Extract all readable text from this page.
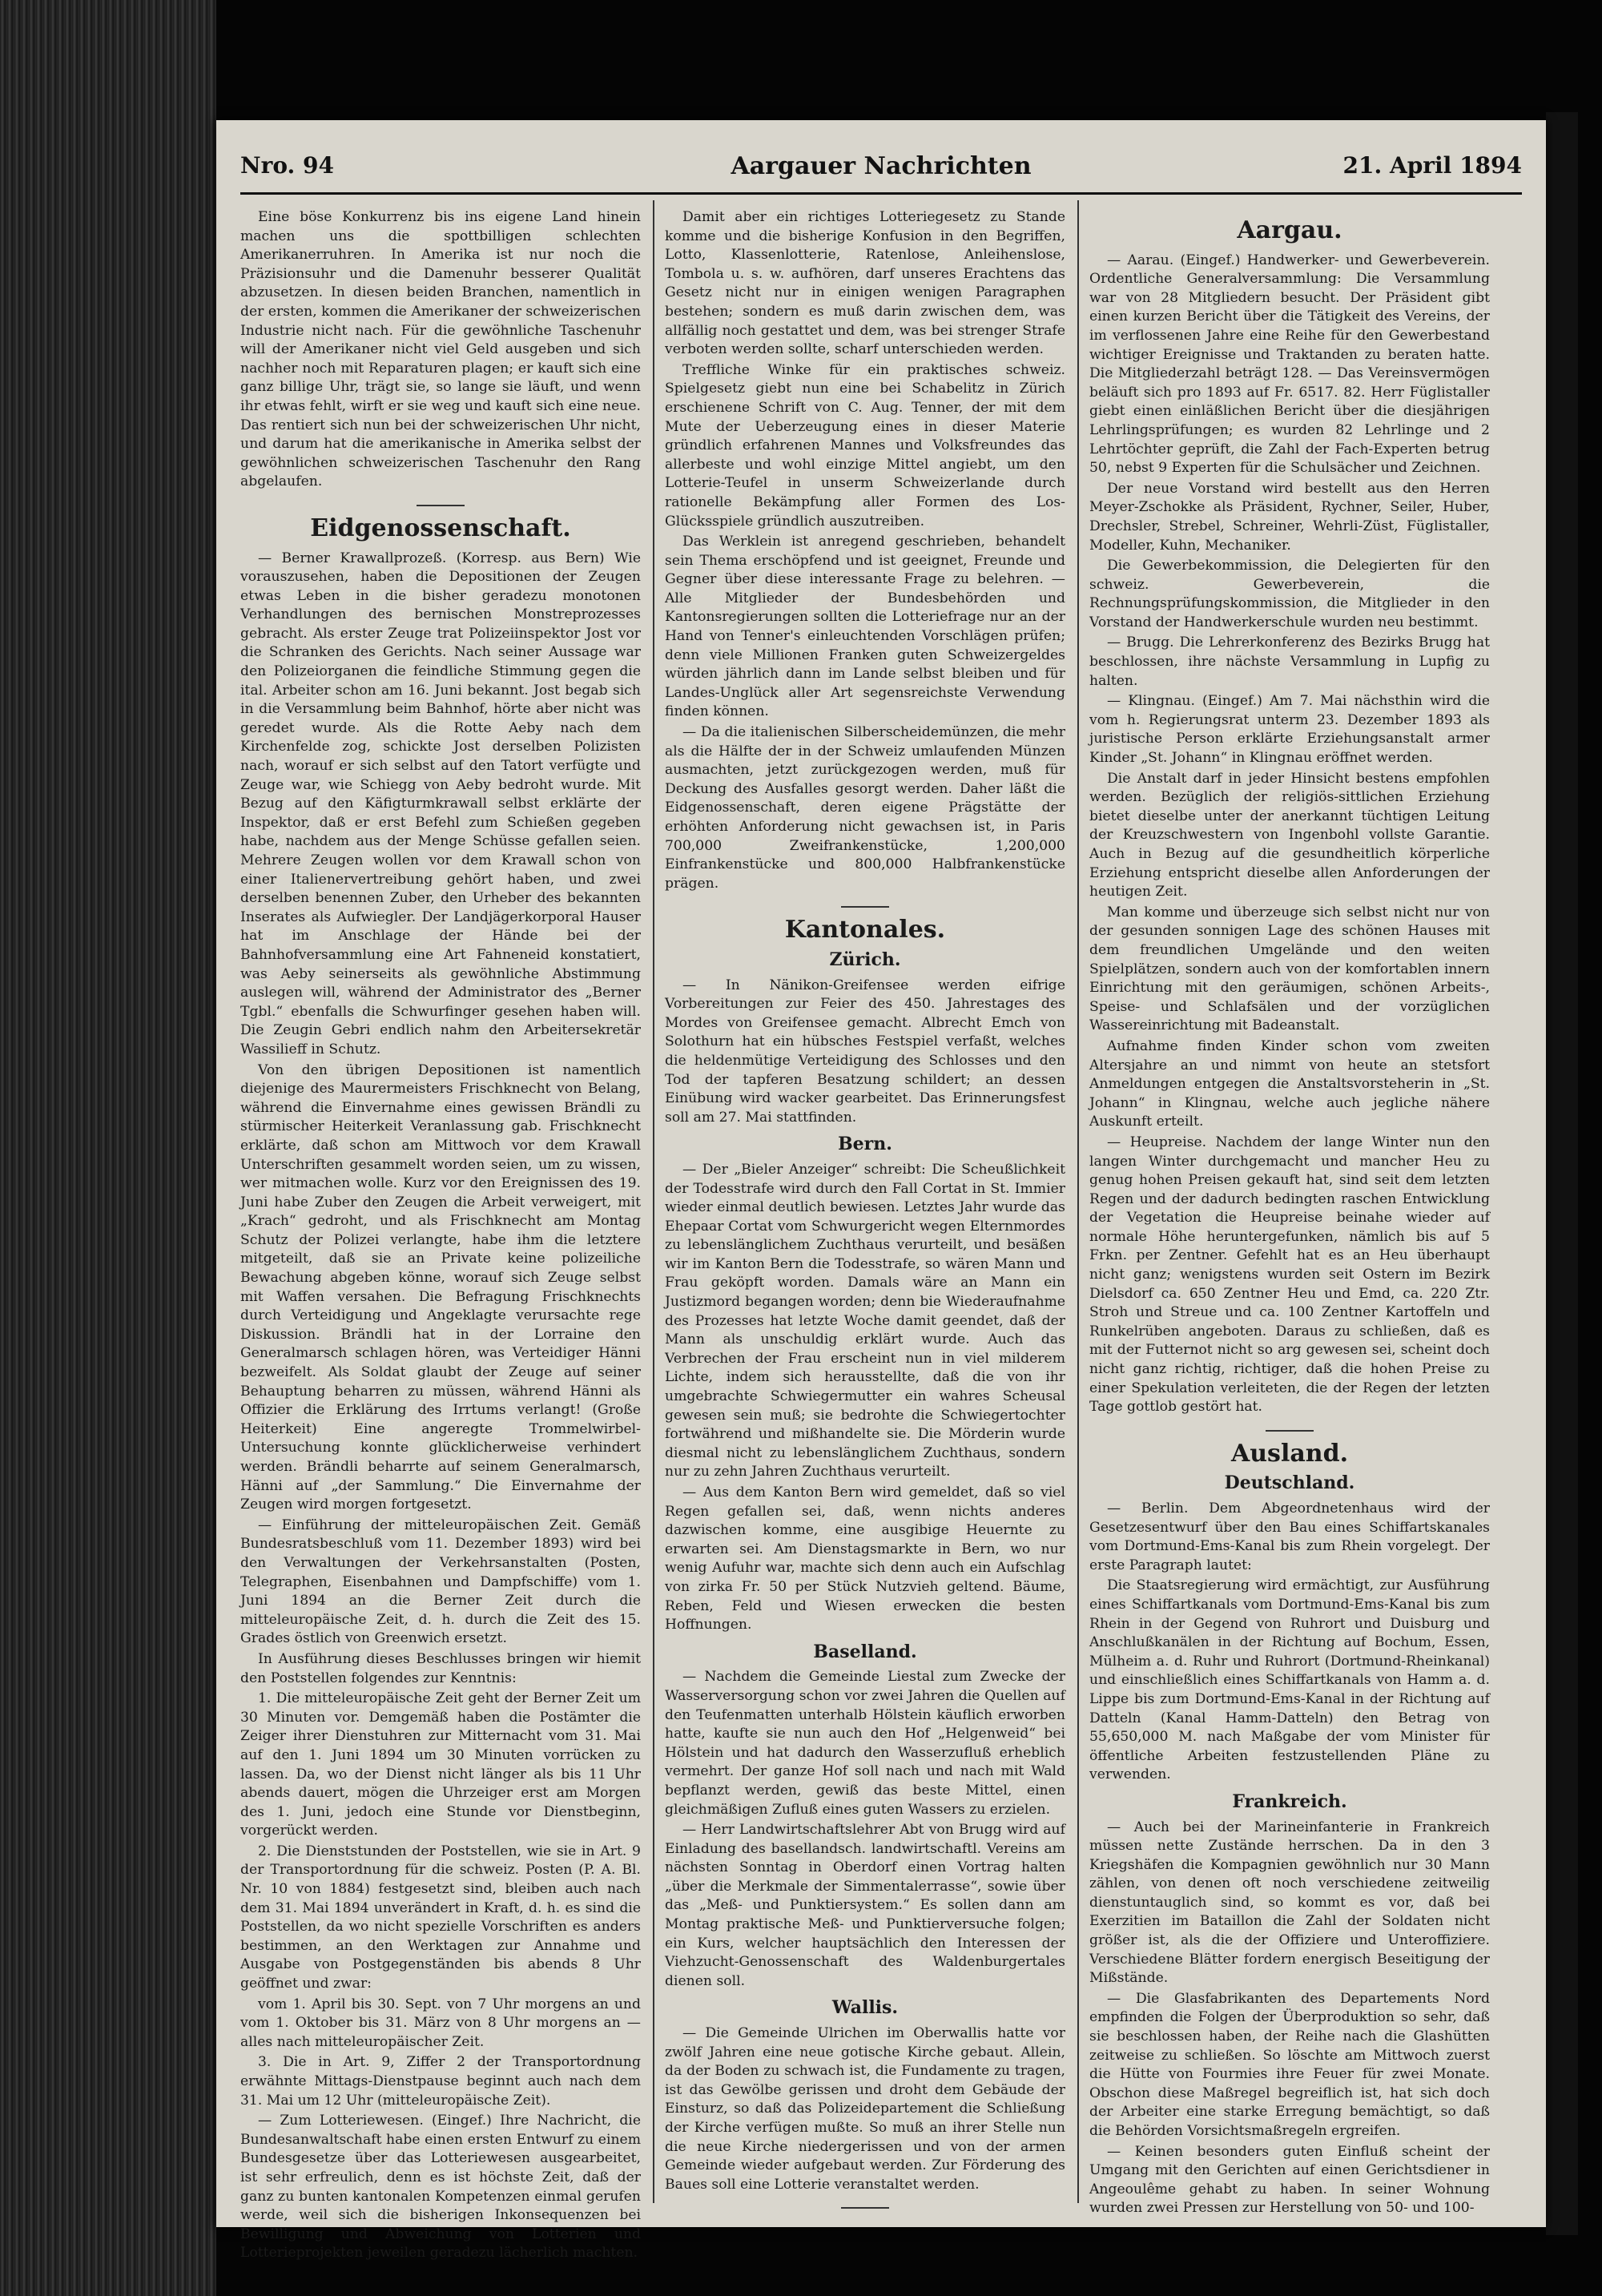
Nro. 94	Aargauer Nachrichten	21. April 1894

Eine böse Konkurrenz bis ins eigene Land hinein machen uns die spottbilligen schlechten Amerikanerruhren. In Amerika ist nur noch die Präzisionsuhr und die Damenuhr besserer Qualität abzusetzen. In diesen beiden Branchen, namentlich in der ersten, kommen die Amerikaner der schweizerischen Industrie nicht nach. Für die gewöhnliche Taschenuhr will der Amerikaner nicht viel Geld ausgeben und sich nachher noch mit Reparaturen plagen; er kauft sich eine ganz billige Uhr, trägt sie, so lange sie läuft, und wenn ihr etwas fehlt, wirft er sie weg und kauft sich eine neue. Das rentiert sich nun bei der schweizerischen Uhr nicht, und darum hat die amerikanische in Amerika selbst der gewöhnlichen schweizerischen Taschenuhr den Rang abgelaufen.

Eidgenossenschaft.

— Berner Krawallprozeß. (Korresp. aus Bern) Wie vorauszusehen, haben die Depositionen der Zeugen etwas Leben in die bisher geradezu monotonen Verhandlungen des bernischen Monstreprozesses gebracht. Als erster Zeuge trat Polizeiinspektor Jost vor die Schranken des Gerichts. Nach seiner Aussage war den Polizeiorganen die feindliche Stimmung gegen die ital. Arbeiter schon am 16. Juni bekannt. Jost begab sich in die Versammlung beim Bahnhof, hörte aber nicht was geredet wurde. Als die Rotte Aeby nach dem Kirchenfelde zog, schickte Jost derselben Polizisten nach, worauf er sich selbst auf den Tatort verfügte und Zeuge war, wie Schiegg von Aeby bedroht wurde. Mit Bezug auf den Käfigturmkrawall selbst erklärte der Inspektor, daß er erst Befehl zum Schießen gegeben habe, nachdem aus der Menge Schüsse gefallen seien. Mehrere Zeugen wollen vor dem Krawall schon von einer Italienervertreibung gehört haben, und zwei derselben benennen Zuber, den Urheber des bekannten Inserates als Aufwiegler. Der Landjägerkorporal Hauser hat im Anschlage der Hände bei der Bahnhofversammlung eine Art Fahneneid konstatiert, was Aeby seinerseits als gewöhnliche Abstimmung auslegen will, während der Administrator des „Berner Tgbl.“ ebenfalls die Schwurfinger gesehen haben will. Die Zeugin Gebri endlich nahm den Arbeitersekretär Wassilieff in Schutz.

Von den übrigen Depositionen ist namentlich diejenige des Maurermeisters Frischknecht von Belang, während die Einvernahme eines gewissen Brändli zu stürmischer Heiterkeit Veranlassung gab. Frischknecht erklärte, daß schon am Mittwoch vor dem Krawall Unterschriften gesammelt worden seien, um zu wissen, wer mitmachen wolle. Kurz vor den Ereignissen des 19. Juni habe Zuber den Zeugen die Arbeit verweigert, mit „Krach“ gedroht, und als Frischknecht am Montag Schutz der Polizei verlangte, habe ihm die letztere mitgeteilt, daß sie an Private keine polizeiliche Bewachung abgeben könne, worauf sich Zeuge selbst mit Waffen versahen. Die Befragung Frischknechts durch Verteidigung und Angeklagte verursachte rege Diskussion. Brändli hat in der Lorraine den Generalmarsch schlagen hören, was Verteidiger Hänni bezweifelt. Als Soldat glaubt der Zeuge auf seiner Behauptung beharren zu müssen, während Hänni als Offizier die Erklärung des Irrtums verlangt! (Große Heiterkeit) Eine angeregte Trommelwirbel-Untersuchung konnte glücklicherweise verhindert werden. Brändli beharrte auf seinem Generalmarsch, Hänni auf „der Sammlung.“ Die Einvernahme der Zeugen wird morgen fortgesetzt.

— Einführung der mitteleuropäischen Zeit. Gemäß Bundesratsbeschluß vom 11. Dezember 1893) wird bei den Verwaltungen der Verkehrsanstalten (Posten, Telegraphen, Eisenbahnen und Dampfschiffe) vom 1. Juni 1894 an die Berner Zeit durch die mitteleuropäische Zeit, d. h. durch die Zeit des 15. Grades östlich von Greenwich ersetzt.

In Ausführung dieses Beschlusses bringen wir hiemit den Poststellen folgendes zur Kenntnis:

1. Die mitteleuropäische Zeit geht der Berner Zeit um 30 Minuten vor. Demgemäß haben die Postämter die Zeiger ihrer Dienstuhren zur Mitternacht vom 31. Mai auf den 1. Juni 1894 um 30 Minuten vorrücken zu lassen. Da, wo der Dienst nicht länger als bis 11 Uhr abends dauert, mögen die Uhrzeiger erst am Morgen des 1. Juni, jedoch eine Stunde vor Dienstbeginn, vorgerückt werden.

2. Die Dienststunden der Poststellen, wie sie in Art. 9 der Transportordnung für die schweiz. Posten (P. A. Bl. Nr. 10 von 1884) festgesetzt sind, bleiben auch nach dem 31. Mai 1894 unverändert in Kraft, d. h. es sind die Poststellen, da wo nicht spezielle Vorschriften es anders bestimmen, an den Werktagen zur Annahme und Ausgabe von Postgegenständen bis abends 8 Uhr geöffnet und zwar:

vom 1. April bis 30. Sept. von 7 Uhr morgens an und vom 1. Oktober bis 31. März von 8 Uhr morgens an — alles nach mitteleuropäischer Zeit.

3. Die in Art. 9, Ziffer 2 der Transportordnung erwähnte Mittags-Dienstpause beginnt auch nach dem 31. Mai um 12 Uhr (mitteleuropäische Zeit).

— Zum Lotteriewesen. (Eingef.) Ihre Nachricht, die Bundesanwaltschaft habe einen ersten Entwurf zu einem Bundesgesetze über das Lotteriewesen ausgearbeitet, ist sehr erfreulich, denn es ist höchste Zeit, daß der ganz zu bunten kantonalen Kompetenzen einmal gerufen werde, weil sich die bisherigen Inkonsequenzen bei Bewilligung und Abweichung von Lotterien und Lotterieprojekten jeweilen geradezu lächerlich machten.

Damit aber ein richtiges Lotteriegesetz zu Stande komme und die bisherige Konfusion in den Begriffen, Lotto, Klassenlotterie, Ratenlose, Anleihenslose, Tombola u. s. w. aufhören, darf unseres Erachtens das Gesetz nicht nur in einigen wenigen Paragraphen bestehen; sondern es muß darin zwischen dem, was allfällig noch gestattet und dem, was bei strenger Strafe verboten werden sollte, scharf unterschieden werden.

Treffliche Winke für ein praktisches schweiz. Spielgesetz giebt nun eine bei Schabelitz in Zürich erschienene Schrift von C. Aug. Tenner, der mit dem Mute der Ueberzeugung eines in dieser Materie gründlich erfahrenen Mannes und Volksfreundes das allerbeste und wohl einzige Mittel angiebt, um den Lotterie-Teufel in unserm Schweizerlande durch rationelle Bekämpfung aller Formen des Los-Glücksspiele gründlich auszutreiben.

Das Werklein ist anregend geschrieben, behandelt sein Thema erschöpfend und ist geeignet, Freunde und Gegner über diese interessante Frage zu belehren. — Alle Mitglieder der Bundesbehörden und Kantonsregierungen sollten die Lotteriefrage nur an der Hand von Tenner's einleuchtenden Vorschlägen prüfen; denn viele Millionen Franken guten Schweizergeldes würden jährlich dann im Lande selbst bleiben und für Landes-Unglück aller Art segensreichste Verwendung finden können.

— Da die italienischen Silberscheidemünzen, die mehr als die Hälfte der in der Schweiz umlaufenden Münzen ausmachten, jetzt zurückgezogen werden, muß für Deckung des Ausfalles gesorgt werden. Daher läßt die Eidgenossenschaft, deren eigene Prägstätte der erhöhten Anforderung nicht gewachsen ist, in Paris 700,000 Zweifrankenstücke, 1,200,000 Einfrankenstücke und 800,000 Halbfrankenstücke prägen.

Kantonales.
Zürich.

— In Nänikon-Greifensee werden eifrige Vorbereitungen zur Feier des 450. Jahrestages des Mordes von Greifensee gemacht. Albrecht Emch von Solothurn hat ein hübsches Festspiel verfaßt, welches die heldenmütige Verteidigung des Schlosses und den Tod der tapferen Besatzung schildert; an dessen Einübung wird wacker gearbeitet. Das Erinnerungsfest soll am 27. Mai stattfinden.

Bern.

— Der „Bieler Anzeiger“ schreibt: Die Scheußlichkeit der Todesstrafe wird durch den Fall Cortat in St. Immier wieder einmal deutlich bewiesen. Letztes Jahr wurde das Ehepaar Cortat vom Schwurgericht wegen Elternmordes zu lebenslänglichem Zuchthaus verurteilt, und besäßen wir im Kanton Bern die Todesstrafe, so wären Mann und Frau geköpft worden. Damals wäre an Mann ein Justizmord begangen worden; denn bie Wiederaufnahme des Prozesses hat letzte Woche damit geendet, daß der Mann als unschuldig erklärt wurde. Auch das Verbrechen der Frau erscheint nun in viel milderem Lichte, indem sich herausstellte, daß die von ihr umgebrachte Schwiegermutter ein wahres Scheusal gewesen sein muß; sie bedrohte die Schwiegertochter fortwährend und mißhandelte sie. Die Mörderin wurde diesmal nicht zu lebenslänglichem Zuchthaus, sondern nur zu zehn Jahren Zuchthaus verurteilt.

— Aus dem Kanton Bern wird gemeldet, daß so viel Regen gefallen sei, daß, wenn nichts anderes dazwischen komme, eine ausgibige Heuernte zu erwarten sei. Am Dienstagsmarkte in Bern, wo nur wenig Aufuhr war, machte sich denn auch ein Aufschlag von zirka Fr. 50 per Stück Nutzvieh geltend. Bäume, Reben, Feld und Wiesen erwecken die besten Hoffnungen.

Baselland.

— Nachdem die Gemeinde Liestal zum Zwecke der Wasserversorgung schon vor zwei Jahren die Quellen auf den Teufenmatten unterhalb Hölstein käuflich erworben hatte, kaufte sie nun auch den Hof „Helgenweid“ bei Hölstein und hat dadurch den Wasserzufluß erheblich vermehrt. Der ganze Hof soll nach und nach mit Wald bepflanzt werden, gewiß das beste Mittel, einen gleichmäßigen Zufluß eines guten Wassers zu erzielen.

— Herr Landwirtschaftslehrer Abt von Brugg wird auf Einladung des basellandsch. landwirtschaftl. Vereins am nächsten Sonntag in Oberdorf einen Vortrag halten „über die Merkmale der Simmentalerrasse“, sowie über das „Meß- und Punktiersystem.“ Es sollen dann am Montag praktische Meß- und Punktierversuche folgen; ein Kurs, welcher hauptsächlich den Interessen der Viehzucht-Genossenschaft des Waldenburgertales dienen soll.

Wallis.

— Die Gemeinde Ulrichen im Oberwallis hatte vor zwölf Jahren eine neue gotische Kirche gebaut. Allein, da der Boden zu schwach ist, die Fundamente zu tragen, ist das Gewölbe gerissen und droht dem Gebäude der Einsturz, so daß das Polizeidepartement die Schließung der Kirche verfügen mußte. So muß an ihrer Stelle nun die neue Kirche niedergerissen und von der armen Gemeinde wieder aufgebaut werden. Zur Förderung des Baues soll eine Lotterie veranstaltet werden.

Aargau.

— Aarau. (Eingef.) Handwerker- und Gewerbeverein. Ordentliche Generalversammlung: Die Versammlung war von 28 Mitgliedern besucht. Der Präsident gibt einen kurzen Bericht über die Tätigkeit des Vereins, der im verflossenen Jahre eine Reihe für den Gewerbestand wichtiger Ereignisse und Traktanden zu beraten hatte. Die Mitgliederzahl beträgt 128. — Das Vereinsvermögen beläuft sich pro 1893 auf Fr. 6517. 82. Herr Füglistaller giebt einen einläßlichen Bericht über die diesjährigen Lehrlingsprüfungen; es wurden 82 Lehrlinge und 2 Lehrtöchter geprüft, die Zahl der Fach-Experten betrug 50, nebst 9 Experten für die Schulsächer und Zeichnen.

Der neue Vorstand wird bestellt aus den Herren Meyer-Zschokke als Präsident, Rychner, Seiler, Huber, Drechsler, Strebel, Schreiner, Wehrli-Züst, Füglistaller, Modeller, Kuhn, Mechaniker.

Die Gewerbekommission, die Delegierten für den schweiz. Gewerbeverein, die Rechnungsprüfungskommission, die Mitglieder in den Vorstand der Handwerkerschule wurden neu bestimmt.

— Brugg. Die Lehrerkonferenz des Bezirks Brugg hat beschlossen, ihre nächste Versammlung in Lupfig zu halten.

— Klingnau. (Eingef.) Am 7. Mai nächsthin wird die vom h. Regierungsrat unterm 23. Dezember 1893 als juristische Person erklärte Erziehungsanstalt armer Kinder „St. Johann“ in Klingnau eröffnet werden.

Die Anstalt darf in jeder Hinsicht bestens empfohlen werden. Bezüglich der religiös-sittlichen Erziehung bietet dieselbe unter der anerkannt tüchtigen Leitung der Kreuzschwestern von Ingenbohl vollste Garantie. Auch in Bezug auf die gesundheitlich körperliche Erziehung entspricht dieselbe allen Anforderungen der heutigen Zeit.

Man komme und überzeuge sich selbst nicht nur von der gesunden sonnigen Lage des schönen Hauses mit dem freundlichen Umgelände und den weiten Spielplätzen, sondern auch von der komfortablen innern Einrichtung mit den geräumigen, schönen Arbeits-, Speise- und Schlafsälen und der vorzüglichen Wassereinrichtung mit Badeanstalt.

Aufnahme finden Kinder schon vom zweiten Altersjahre an und nimmt von heute an stetsfort Anmeldungen entgegen die Anstaltsvorsteherin in „St. Johann“ in Klingnau, welche auch jegliche nähere Auskunft erteilt.

— Heupreise. Nachdem der lange Winter nun den langen Winter durchgemacht und mancher Heu zu genug hohen Preisen gekauft hat, sind seit dem letzten Regen und der dadurch bedingten raschen Entwicklung der Vegetation die Heupreise beinahe wieder auf normale Höhe heruntergefunken, nämlich bis auf 5 Frkn. per Zentner. Gefehlt hat es an Heu überhaupt nicht ganz; wenigstens wurden seit Ostern im Bezirk Dielsdorf ca. 650 Zentner Heu und Emd, ca. 220 Ztr. Stroh und Streue und ca. 100 Zentner Kartoffeln und Runkelrüben angeboten. Daraus zu schließen, daß es mit der Futternot nicht so arg gewesen sei, scheint doch nicht ganz richtig, richtiger, daß die hohen Preise zu einer Spekulation verleiteten, die der Regen der letzten Tage gottlob gestört hat.

Ausland.
Deutschland.

— Berlin. Dem Abgeordnetenhaus wird der Gesetzesentwurf über den Bau eines Schiffartskanales vom Dortmund-Ems-Kanal bis zum Rhein vorgelegt. Der erste Paragraph lautet:

Die Staatsregierung wird ermächtigt, zur Ausführung eines Schiffartkanals vom Dortmund-Ems-Kanal bis zum Rhein in der Gegend von Ruhrort und Duisburg und Anschlußkanälen in der Richtung auf Bochum, Essen, Mülheim a. d. Ruhr und Ruhrort (Dortmund-Rheinkanal) und einschließlich eines Schiffartkanals von Hamm a. d. Lippe bis zum Dortmund-Ems-Kanal in der Richtung auf Datteln (Kanal Hamm-Datteln) den Betrag von 55,650,000 M. nach Maßgabe der vom Minister für öffentliche Arbeiten festzustellenden Pläne zu verwenden.

Frankreich.

— Auch bei der Marineinfanterie in Frankreich müssen nette Zustände herrschen. Da in den 3 Kriegshäfen die Kompagnien gewöhnlich nur 30 Mann zählen, von denen oft noch verschiedene zeitweilig dienstuntauglich sind, so kommt es vor, daß bei Exerzitien im Bataillon die Zahl der Soldaten nicht größer ist, als die der Offiziere und Unteroffiziere. Verschiedene Blätter fordern energisch Beseitigung der Mißstände.

— Die Glasfabrikanten des Departements Nord empfinden die Folgen der Überproduktion so sehr, daß sie beschlossen haben, der Reihe nach die Glashütten zeitweise zu schließen. So löschte am Mittwoch zuerst die Hütte von Fourmies ihre Feuer für zwei Monate. Obschon diese Maßregel begreiflich ist, hat sich doch der Arbeiter eine starke Erregung bemächtigt, so daß die Behörden Vorsichtsmaßregeln ergreifen.

— Keinen besonders guten Einfluß scheint der Umgang mit den Gerichten auf einen Gerichtsdiener in Angeoulême gehabt zu haben. In seiner Wohnung wurden zwei Pressen zur Herstellung von 50- und 100-
